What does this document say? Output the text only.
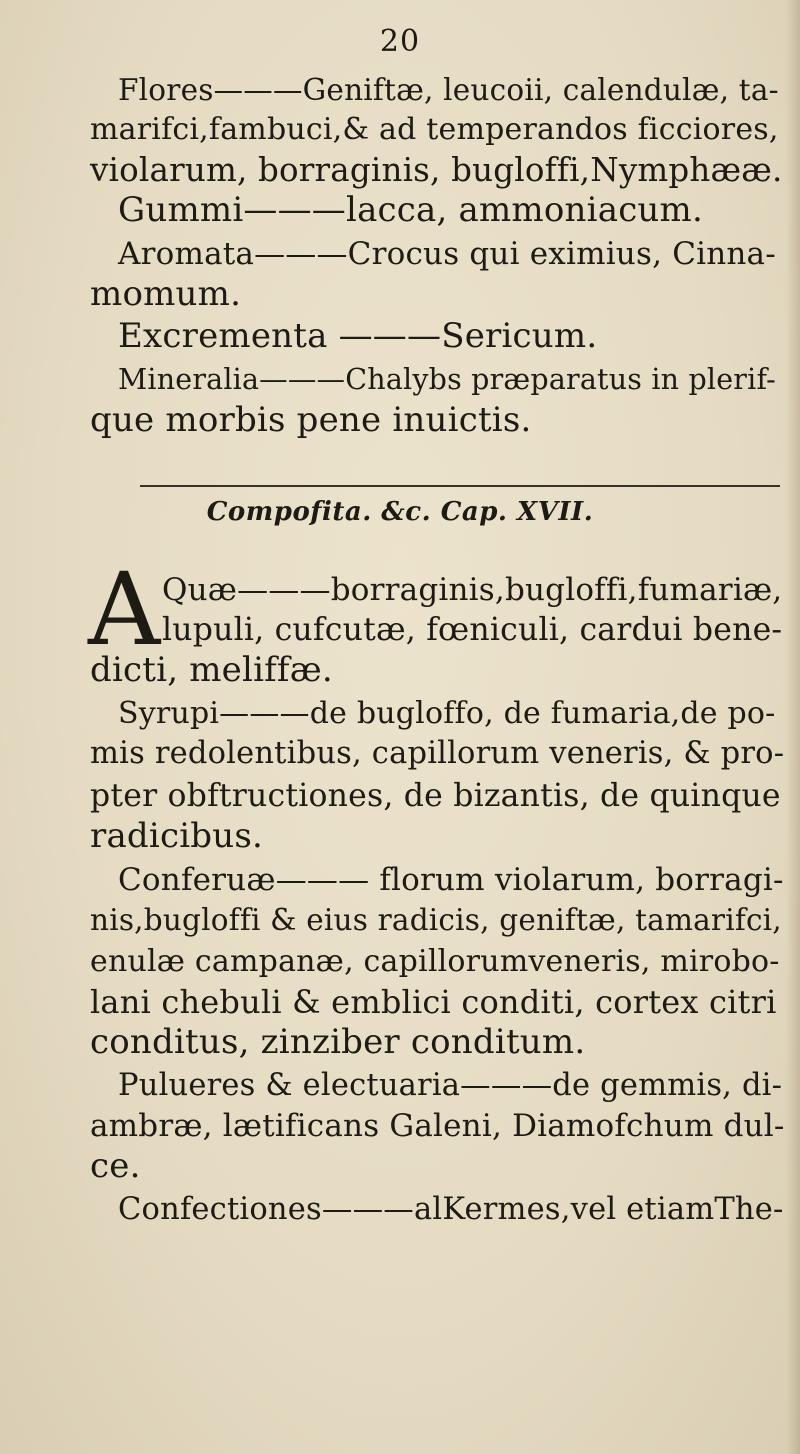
20
Flores———Geniftæ, leucoii, calendulæ, ta-
marifci,fambuci,& ad temperandos ficciores,
violarum, borraginis, bugloffi,Nymphææ.
Gummi———lacca, ammoniacum.
Aromata———Crocus qui eximius, Cinna-
momum.
Excrementa ———Sericum.
Mineralia———Chalybs præparatus in plerif-
que morbis pene inuictis.
Compofita. &c. Cap. XVII.
A Quæ———borraginis,bugloffi,fumariæ,
lupuli, cufcutæ, fœniculi, cardui bene-
dicti, meliffæ.
Syrupi———de bugloffo, de fumaria,de po-
mis redolentibus, capillorum veneris, & pro-
pter obftructiones, de bizantis, de quinque
radicibus.
Conferuæ——— florum violarum, borragi-
nis,bugloffi & eius radicis, geniftæ, tamarifci,
enulæ campanæ, capillorumveneris, mirobo-
lani chebuli & emblici conditi, cortex citri
conditus, zinziber conditum.
Pulueres & electuaria———de gemmis, di-
ambræ, lætificans Galeni, Diamofchum dul-
ce.
Confectiones———alKermes,vel etiamThe-
